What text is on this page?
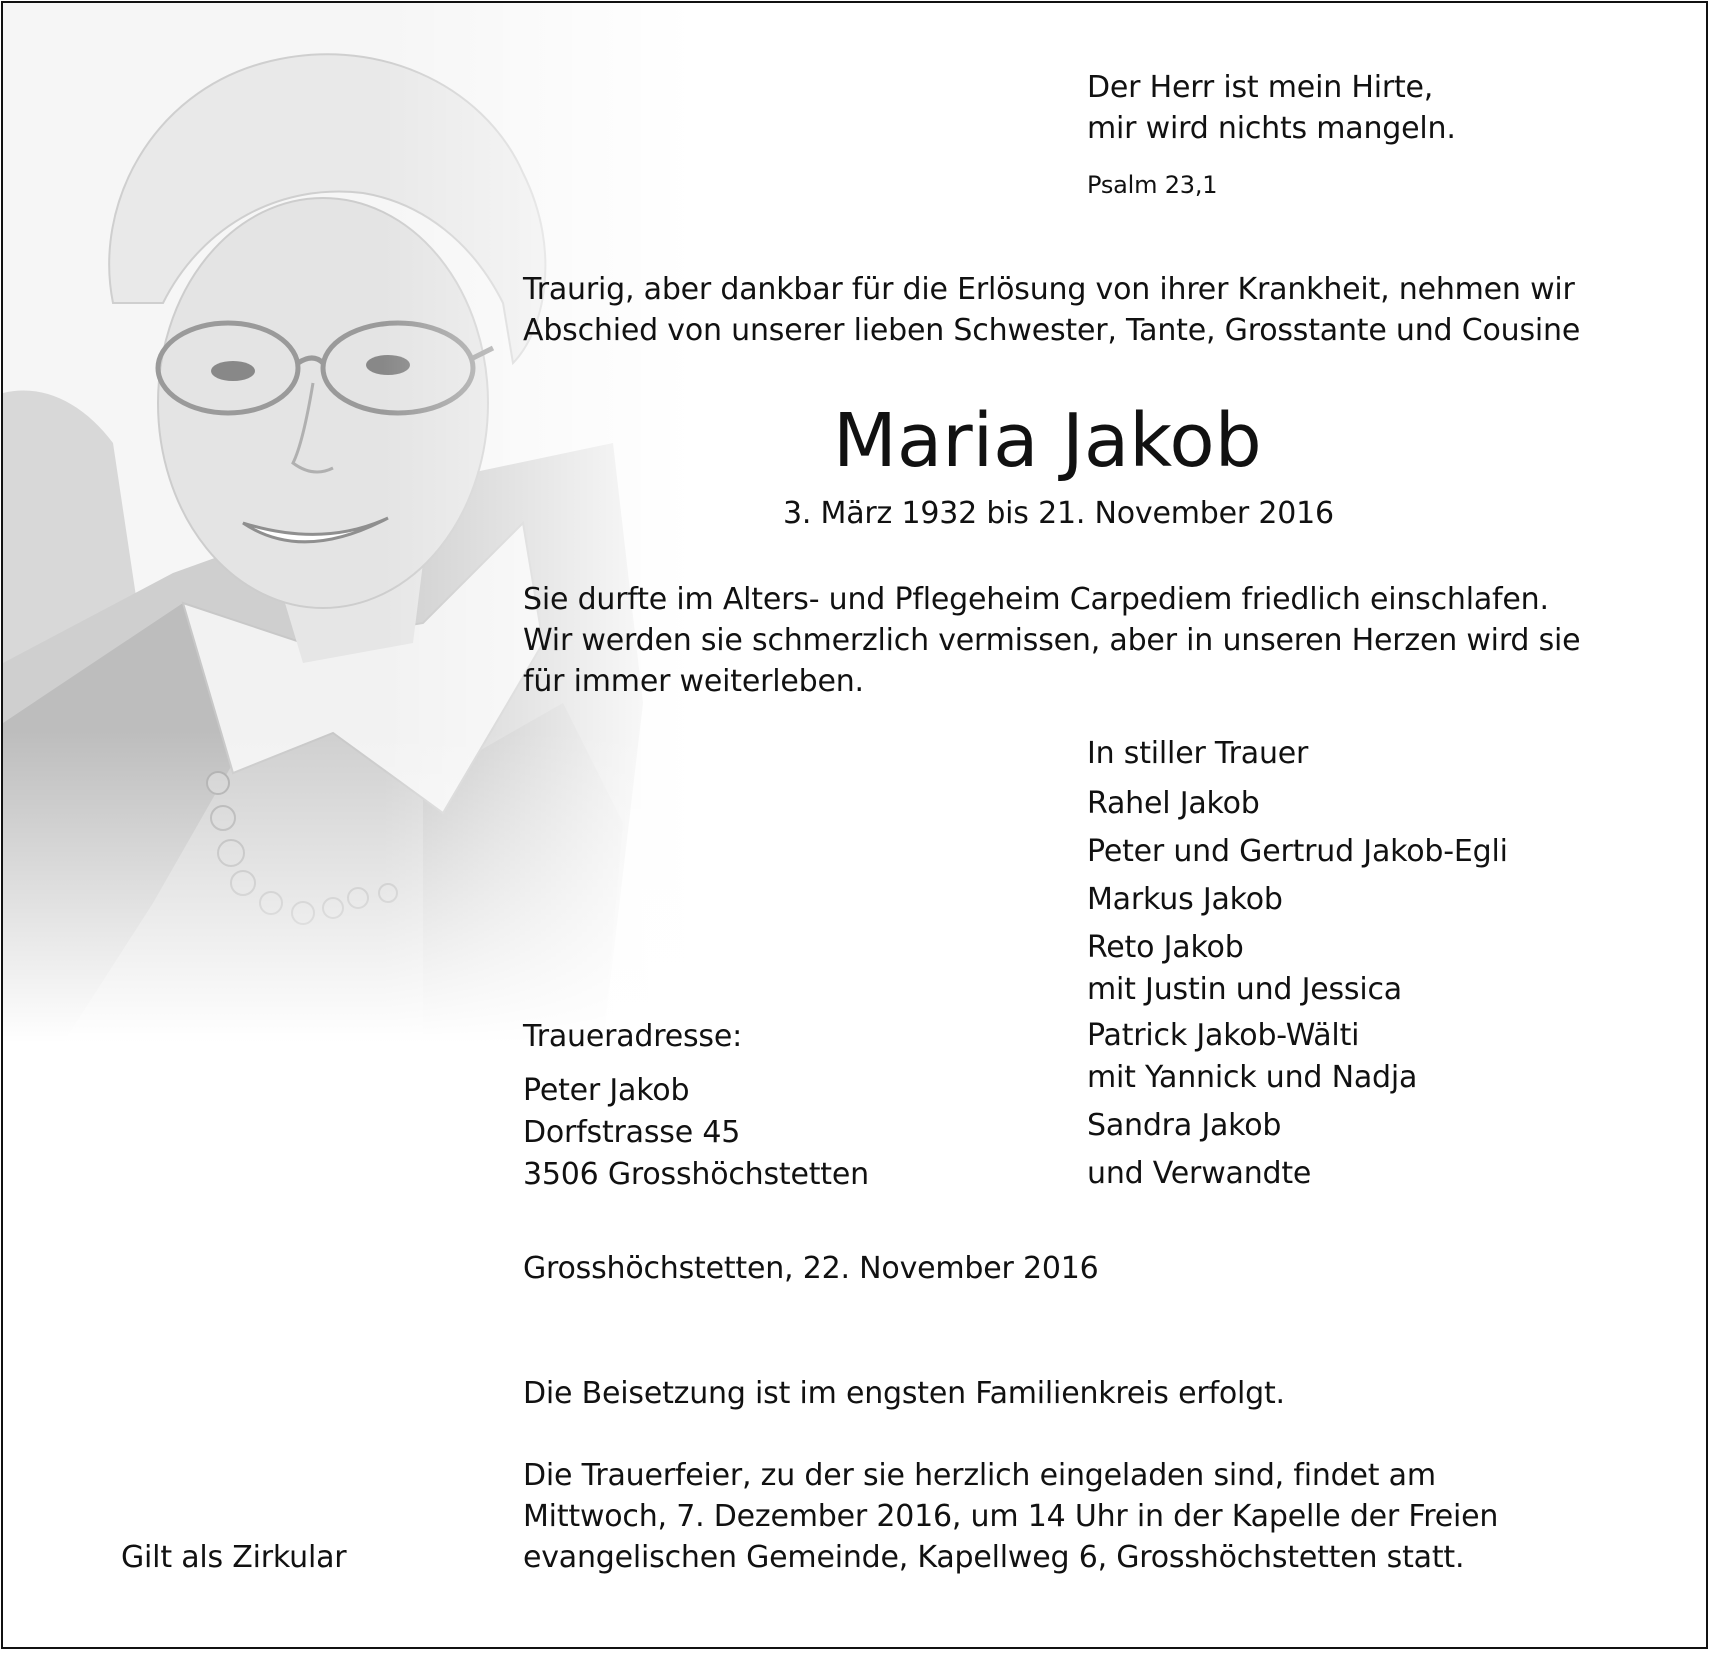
Der Herr ist mein Hirte,
mir wird nichts mangeln.
Psalm 23,1
Traurig, aber dankbar für die Erlösung von ihrer Krankheit, nehmen wir
Abschied von unserer lieben Schwester, Tante, Grosstante und Cousine
Maria Jakob
3. März 1932 bis 21. November 2016
Sie durfte im Alters- und Pflegeheim Carpediem friedlich einschlafen.
Wir werden sie schmerzlich vermissen, aber in unseren Herzen wird sie
für immer weiterleben.
In stiller Trauer
Rahel Jakob
Peter und Gertrud Jakob-Egli
Markus Jakob
Reto Jakob
mit Justin und Jessica
Patrick Jakob-Wälti
mit Yannick und Nadja
Sandra Jakob
und Verwandte
Traueradresse:
Peter Jakob
Dorfstrasse 45
3506 Grosshöchstetten
Grosshöchstetten, 22. November 2016
Die Beisetzung ist im engsten Familienkreis erfolgt.
Die Trauerfeier, zu der sie herzlich eingeladen sind, findet am
Mittwoch, 7. Dezember 2016, um 14 Uhr in der Kapelle der Freien
evangelischen Gemeinde, Kapellweg 6, Grosshöchstetten statt.
Gilt als Zirkular
